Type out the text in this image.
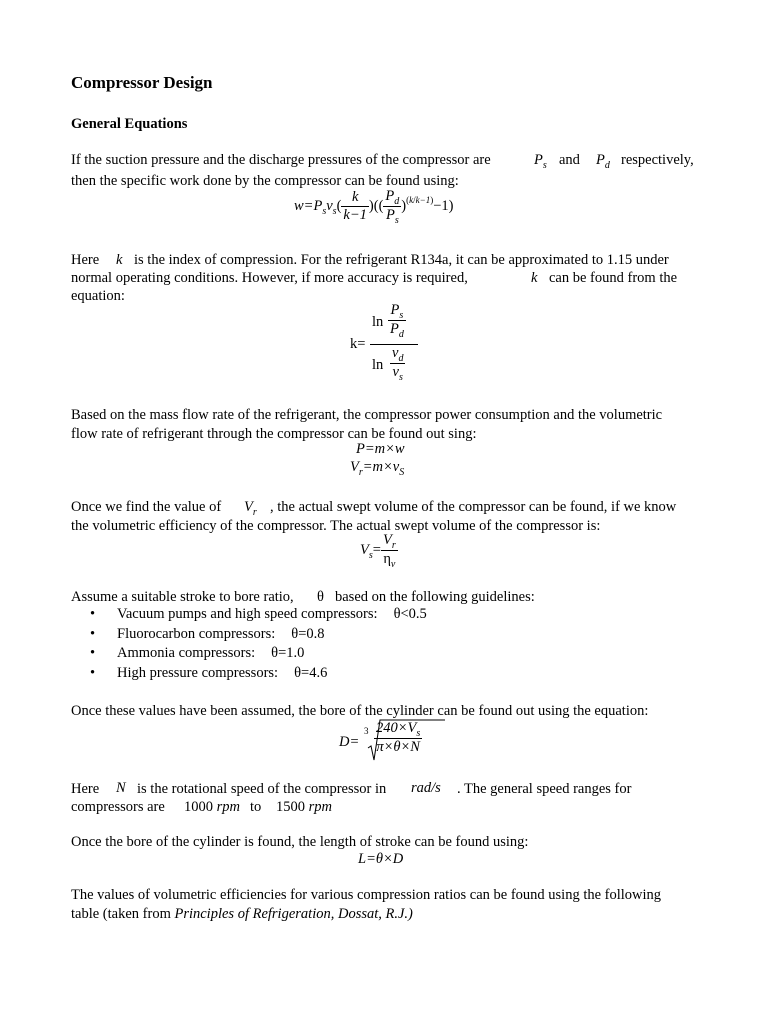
Compressor Design
General Equations
If the suction pressure and the discharge pressures of the compressor are	$P_s$ and $P_d$ respectively,
then the specific work done by the compressor can be found using:
$w=P_sv_s( \frac{k}{k-1}$ )(( $\frac{P_d}{P_s} )^{(k/k-1)}-1$)
Here k is the index of compression. For the refrigerant R134a, it can be approximated to 1.15 under
normal operating conditions. However, if more accuracy is required,	k can be found from the
equation:
k=
$\ln \frac{P_s}{P_d}$
$\ln \frac{v_d}{v_s}$
Based on the mass flow rate of the refrigerant, the compressor power consumption and the volumetric
flow rate of refrigerant through the compressor can be found out sing:
P=m×w
$V_r=m\times v_S$
Once we find the value of $V_r$ , the actual swept volume of the compressor can be found, if we know
the volumetric efficiency of the compressor. The actual swept volume of the compressor is:
$V_s= \frac{V_r}{\eta_v}$
Assume a suitable stroke to bore ratio, θ based on the following guidelines:
• Vacuum pumps and high speed compressors: θ<0.5
• Fluorocarbon compressors: θ=0.8
• Ammonia compressors: θ=1.0
• High pressure compressors: θ=4.6
Once these values have been assumed, the bore of the cylinder can be found out using the equation:
D=
$3 \frac{240\times V_s}{\pi\times\theta\times N}$
Here N is the rotational speed of the compressor in rad/s . The general speed ranges for
compressors are 1000 rpm to 1500 rpm
Once the bore of the cylinder is found, the length of stroke can be found using:
L=θ×D
The values of volumetric efficiencies for various compression ratios can be found using the following
table (taken from Principles of Refrigeration, Dossat, R.J.)
